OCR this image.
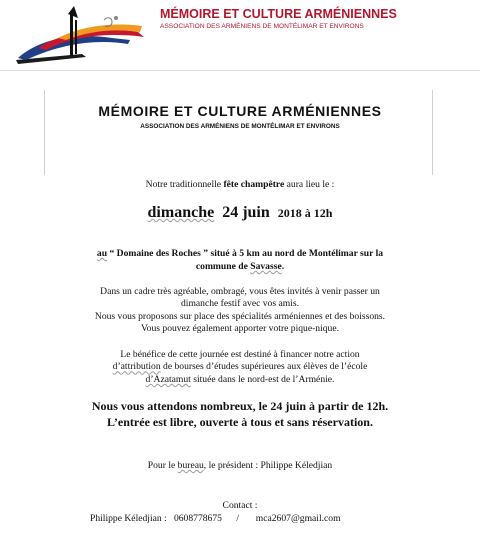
MÉMOIRE ET CULTURE ARMÉNIENNES
ASSOCIATION DES ARMÉNIENS DE MONTÉLIMAR ET ENVIRONS
MÉMOIRE ET CULTURE ARMÉNIENNES
ASSOCIATION DES ARMÉNIENS DE MONTÉLIMAR ET ENVIRONS
Notre traditionnelle fête champêtre aura lieu le :
dimanche 24 juin 2018 à 12h
au “ Domaine des Roches ” situé à 5 km au nord de Montélimar sur la
commune de Savasse.
Dans un cadre très agréable, ombragé, vous êtes invités à venir passer un
dimanche festif avec vos amis.
Nous vous proposons sur place des spécialités arméniennes et des boissons.
Vous pouvez également apporter votre pique-nique.
Le bénéfice de cette journée est destiné à financer notre action
d’attribution de bourses d’études supérieures aux élèves de l’école
d’Azatamut située dans le nord-est de l’Arménie.
Nous vous attendons nombreux, le 24 juin à partir de 12h.
L’entrée est libre, ouverte à tous et sans réservation.
Pour le bureau, le président : Philippe Kéledjian
Contact :
Philippe Kéledjian : 0608778675 / mca2607@gmail.com
